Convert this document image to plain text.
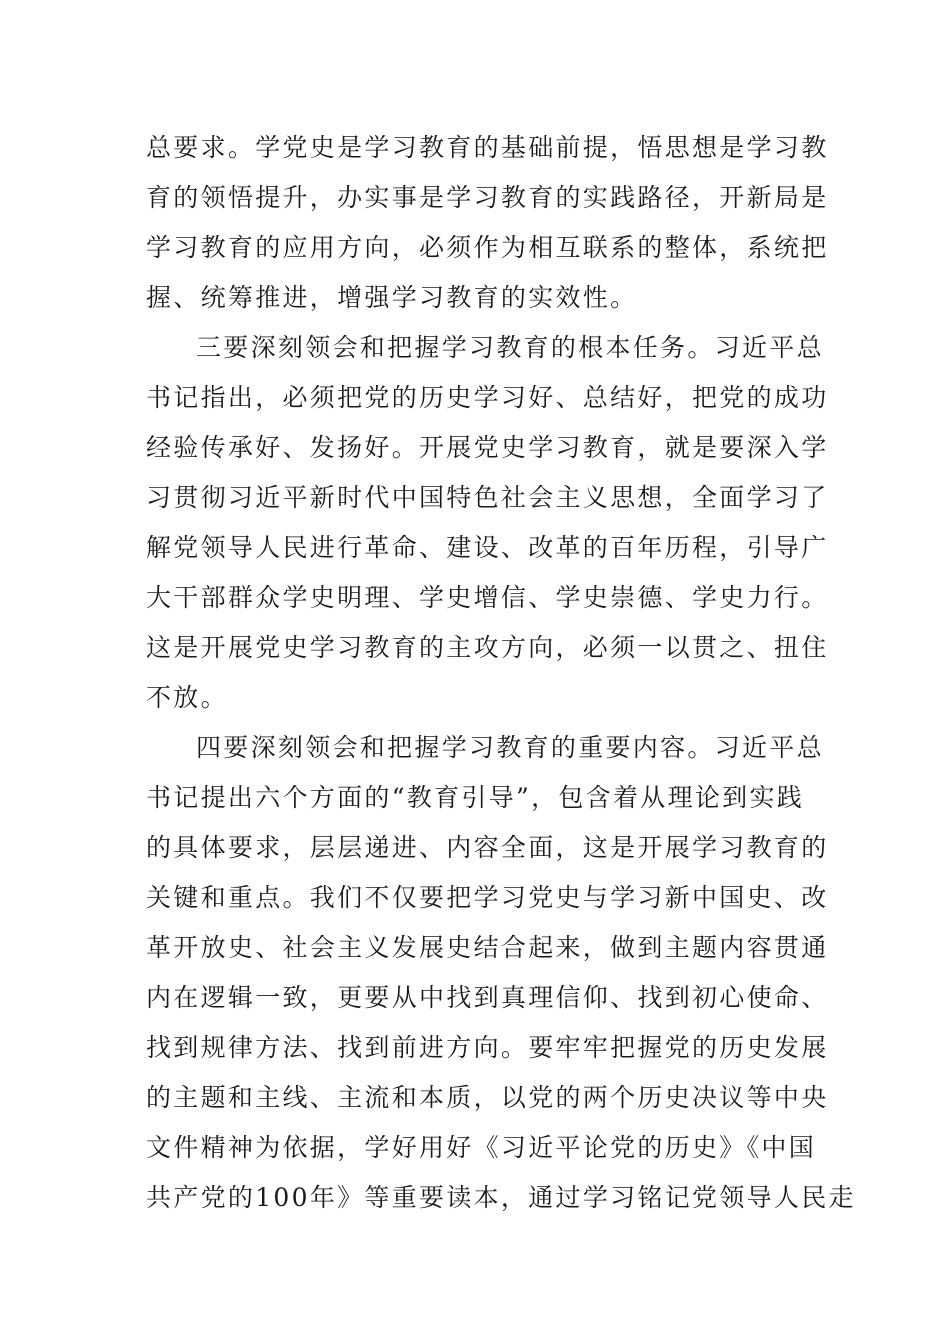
总要求。学党史是学习教育的基础前提，悟思想是学习教
育的领悟提升，办实事是学习教育的实践路径，开新局是
学习教育的应用方向，必须作为相互联系的整体，系统把
握、统筹推进，增强学习教育的实效性。
三要深刻领会和把握学习教育的根本任务。习近平总
书记指出，必须把党的历史学习好、总结好，把党的成功
经验传承好、发扬好。开展党史学习教育，就是要深入学
习贯彻习近平新时代中国特色社会主义思想，全面学习了
解党领导人民进行革命、建设、改革的百年历程，引导广
大干部群众学史明理、学史增信、学史崇德、学史力行。
这是开展党史学习教育的主攻方向，必须一以贯之、扭住
不放。
四要深刻领会和把握学习教育的重要内容。习近平总
书记提出六个方面的“教育引导”，包含着从理论到实践
的具体要求，层层递进、内容全面，这是开展学习教育的
关键和重点。我们不仅要把学习党史与学习新中国史、改
革开放史、社会主义发展史结合起来，做到主题内容贯通
内在逻辑一致，更要从中找到真理信仰、找到初心使命、
找到规律方法、找到前进方向。要牢牢把握党的历史发展
的主题和主线、主流和本质，以党的两个历史决议等中央
文件精神为依据，学好用好《习近平论党的历史》《中国
共产党的100年》等重要读本，通过学习铭记党领导人民走
